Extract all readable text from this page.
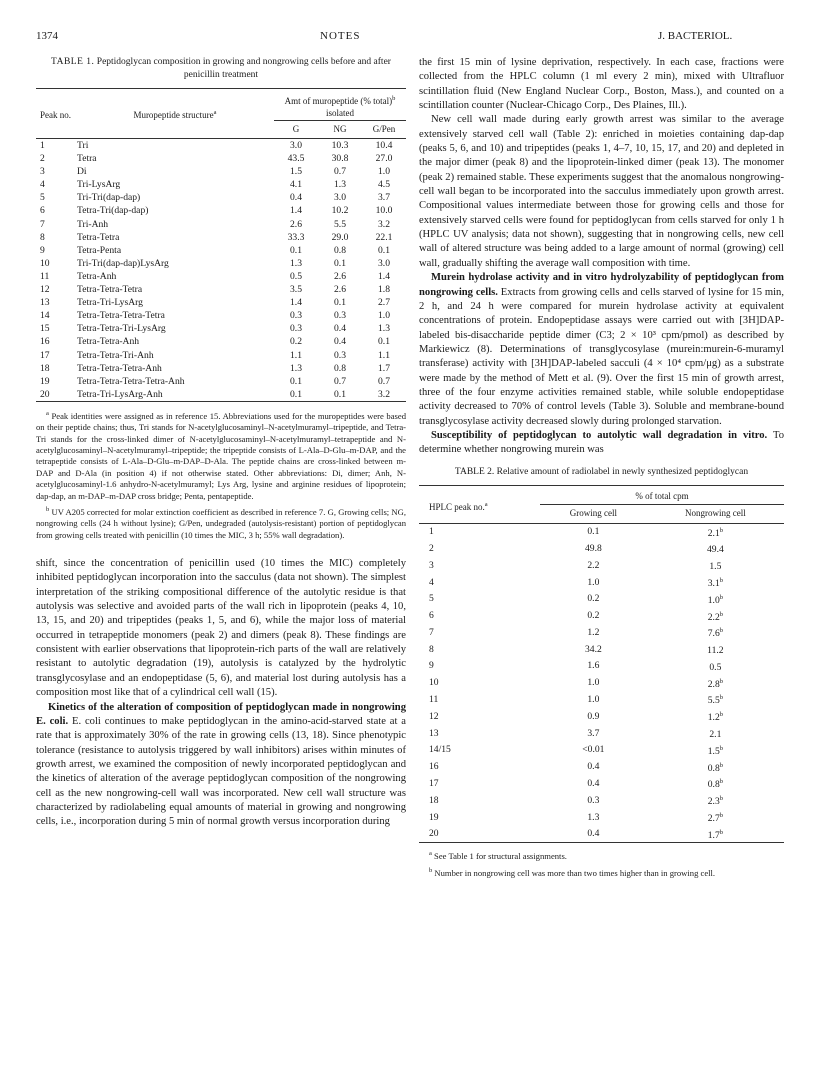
1374	NOTES	J. BACTERIOL.
TABLE 1. Peptidoglycan composition in growing and nongrowing cells before and after penicillin treatment
Peak no.	Muropeptide structure$^a$	Amt of muropeptide (% total)$^b$ isolated		
		G	NG	G/Pen
1	Tri	3.0	10.3	10.4
2	Tetra	43.5	30.8	27.0
3	Di	1.5	0.7	1.0
4	Tri-LysArg	4.1	1.3	4.5
5	Tri-Tri(dap-dap)	0.4	3.0	3.7
6	Tetra-Tri(dap-dap)	1.4	10.2	10.0
7	Tri-Anh	2.6	5.5	3.2
8	Tetra-Tetra	33.3	29.0	22.1
9	Tetra-Penta	0.1	0.8	0.1
10	Tri-Tri(dap-dap)LysArg	1.3	0.1	3.0
11	Tetra-Anh	0.5	2.6	1.4
12	Tetra-Tetra-Tetra	3.5	2.6	1.8
13	Tetra-Tri-LysArg	1.4	0.1	2.7
14	Tetra-Tetra-Tetra-Tetra	0.3	0.3	1.0
15	Tetra-Tetra-Tri-LysArg	0.3	0.4	1.3
16	Tetra-Tetra-Anh	0.2	0.4	0.1
17	Tetra-Tetra-Tri-Anh	1.1	0.3	1.1
18	Tetra-Tetra-Tetra-Anh	1.3	0.8	1.7
19	Tetra-Tetra-Tetra-Tetra-Anh	0.1	0.7	0.7
20	Tetra-Tri-LysArg-Anh	0.1	0.1	3.2

$^a$ Peak identities were assigned as in reference 15. Abbreviations used for the muropeptides were based on their peptide chains; thus, Tri stands for N-acetylglucosaminyl–N-acetylmuramyl–tripeptide, and Tetra-Tri stands for the cross-linked dimer of N-acetylglucosaminyl–N-acetylmuramyl–tetrapeptide and N-acetylglucosaminyl–N-acetylmuramyl–tripeptide; the tripeptide consists of L-Ala–D-Glu–m-DAP, and the tetrapeptide consists of L-Ala–D-Glu–m-DAP–D-Ala. The peptide chains are cross-linked between m-DAP and D-Ala (in position 4) if not otherwise stated. Other abbreviations: Di, dimer; Anh, N-acetylglucosaminyl-1.6 anhydro-N-acetylmuramyl; Lys Arg, lysine and arginine residues of lipoprotein; dap-dap, an m-DAP–m-DAP cross bridge; Penta, pentapeptide.

$^b$ UV A205 corrected for molar extinction coefficient as described in reference 7. G, Growing cells; NG, nongrowing cells (24 h without lysine); G/Pen, undegraded (autolysis-resistant) portion of peptidoglycan from growing cells treated with penicillin (10 times the MIC, 3 h; 55% wall degradation).

shift, since the concentration of penicillin used (10 times the MIC) completely inhibited peptidoglycan incorporation into the sacculus (data not shown). The simplest interpretation of the striking compositional difference of the autolytic residue is that autolysis was selective and avoided parts of the wall rich in lipoprotein (peaks 4, 10, 13, 15, and 20) and tripeptides (peaks 1, 5, and 6), while the major loss of material occurred in tetrapeptide monomers (peak 2) and dimers (peak 8). These findings are consistent with earlier observations that lipoprotein-rich parts of the wall are relatively resistant to autolytic degradation (19), autolysis is catalyzed by the hydrolytic transglycosylase and an endopeptidase (5, 6), and material lost during autolysis has a composition most like that of a cylindrical cell wall (15).

Kinetics of the alteration of composition of peptidoglycan made in nongrowing E. coli. E. coli continues to make peptidoglycan in the amino-acid-starved state at a rate that is approximately 30% of the rate in growing cells (13, 18). Since phenotypic tolerance (resistance to autolysis triggered by wall inhibitors) arises within minutes of growth arrest, we examined the composition of newly incorporated peptidoglycan and the kinetics of alteration of the average peptidoglycan composition of the nongrowing cell as the new nongrowing-cell wall was incorporated. New cell wall structure was characterized by radiolabeling equal amounts of material in growing and nongrowing cells, i.e., incorporation during 5 min of normal growth versus incorporation during

the first 15 min of lysine deprivation, respectively. In each case, fractions were collected from the HPLC column (1 ml every 2 min), mixed with Ultrafluor scintillation fluid (New England Nuclear Corp., Boston, Mass.), and counted on a scintillation counter (Nuclear-Chicago Corp., Des Plaines, Ill.).

New cell wall made during early growth arrest was similar to the average extensively starved cell wall (Table 2): enriched in moieties containing dap-dap (peaks 5, 6, and 10) and tripeptides (peaks 1, 4–7, 10, 15, 17, and 20) and depleted in the major dimer (peak 8) and the lipoprotein-linked dimer (peak 13). The monomer (peak 2) remained stable. These experiments suggest that the anomalous nongrowing-cell wall began to be incorporated into the sacculus immediately upon growth arrest. Compositional values intermediate between those for growing cells and those for extensively starved cells were found for peptidoglycan from cells starved for only 1 h (HPLC UV analysis; data not shown), suggesting that in nongrowing cells, new cell wall of altered structure was being added to a large amount of normal (growing) cell wall, gradually shifting the average wall composition with time.

Murein hydrolase activity and in vitro hydrolyzability of peptidoglycan from nongrowing cells. Extracts from growing cells and cells starved of lysine for 15 min, 2 h, and 24 h were compared for murein hydrolase activity at equivalent concentrations of protein. Endopeptidase assays were carried out with [3H]DAP-labeled bis-disaccharide peptide dimer (C3; 2 × 10³ cpm/pmol) as described by Markiewicz (8). Determinations of transglycosylase (murein:murein-6-muramyl transferase) activity with [3H]DAP-labeled sacculi (4 × 10⁴ cpm/μg) as a substrate were made by the method of Mett et al. (9). Over the first 15 min of growth arrest, three of the four enzyme activities remained stable, while soluble endopeptidase activity decreased to 70% of control levels (Table 3). Soluble and membrane-bound transglycosylase activity decreased slowly during prolonged starvation.

Susceptibility of peptidoglycan to autolytic wall degradation in vitro. To determine whether nongrowing murein was

TABLE 2. Relative amount of radiolabel in newly synthesized peptidoglycan
HPLC peak no.$^a$	% of total cpm	
	Growing cell	Nongrowing cell
1	0.1	2.1$^b$
2	49.8	49.4
3	2.2	1.5
4	1.0	3.1$^b$
5	0.2	1.0$^b$
6	0.2	2.2$^b$
7	1.2	7.6$^b$
8	34.2	11.2
9	1.6	0.5
10	1.0	2.8$^b$
11	1.0	5.5$^b$
12	0.9	1.2$^b$
13	3.7	2.1
14/15	<0.01	1.5$^b$
16	0.4	0.8$^b$
17	0.4	0.8$^b$
18	0.3	2.3$^b$
19	1.3	2.7$^b$
20	0.4	1.7$^b$

$^a$ See Table 1 for structural assignments.

$^b$ Number in nongrowing cell was more than two times higher than in growing cell.
